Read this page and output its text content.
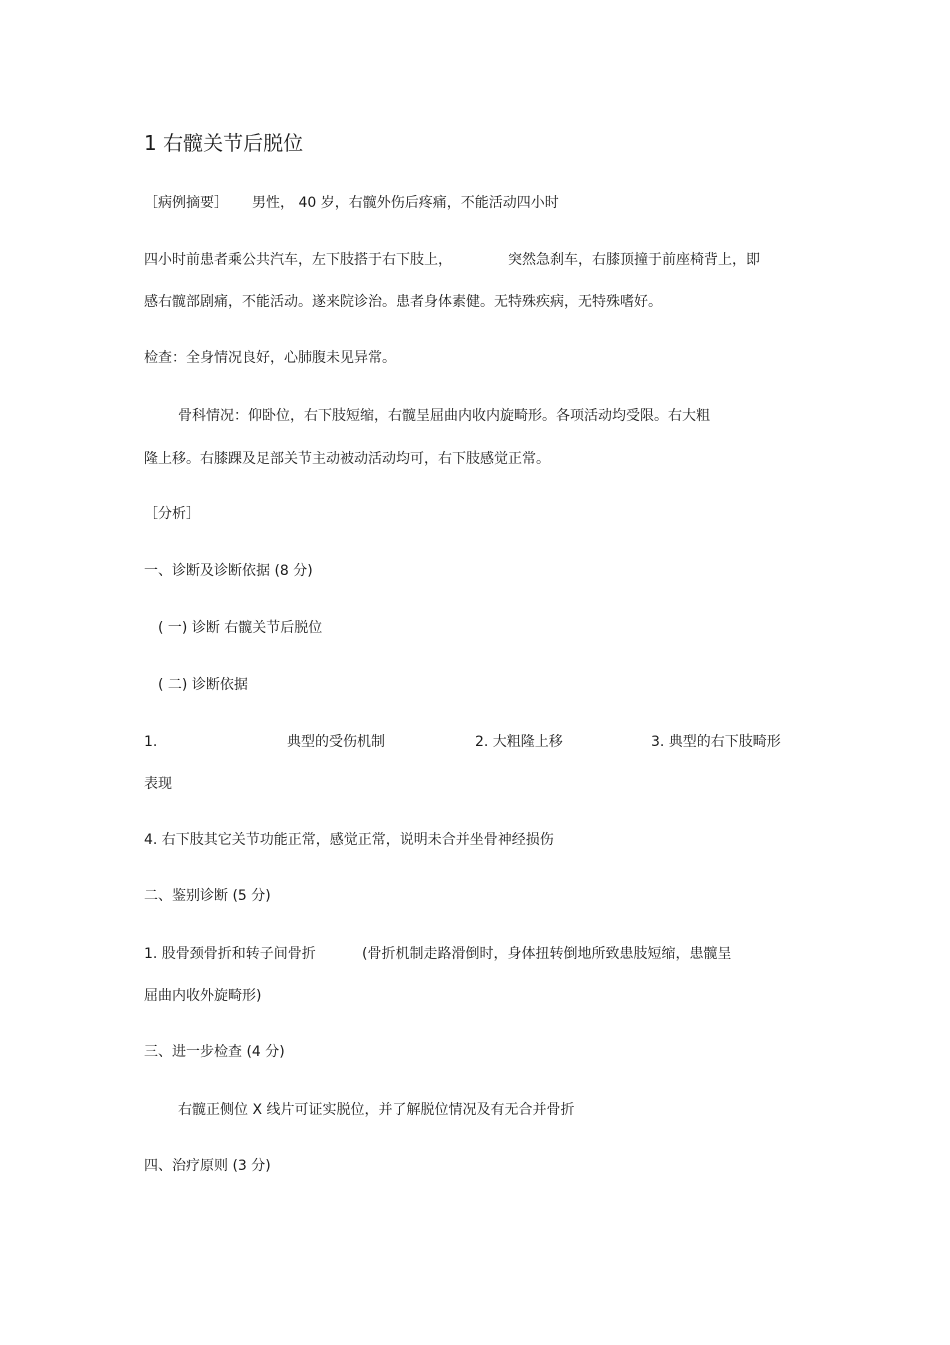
1 右髋关节后脱位
［病例摘要］ 男性， 40 岁，右髋外伤后疼痛，不能活动四小时
四小时前患者乘公共汽车，左下肢搭于右下肢上，	突然急刹车，右膝顶撞于前座椅背上，即
感右髋部剧痛，不能活动。遂来院诊治。患者身体素健。无特殊疾病，无特殊嗜好。
检查：全身情况良好，心肺腹未见异常。
骨科情况：仰卧位，右下肢短缩，右髋呈屈曲内收内旋畸形。各项活动均受限。右大粗
隆上移。右膝踝及足部关节主动被动活动均可，右下肢感觉正常。
［分析］
一、诊断及诊断依据 (8 分)
( 一) 诊断 右髋关节后脱位
( 二) 诊断依据
1.	典型的受伤机制	2. 大粗隆上移	3. 典型的右下肢畸形
表现
4. 右下肢其它关节功能正常，感觉正常，说明未合并坐骨神经损伤
二、鉴别诊断 (5 分)
1. 股骨颈骨折和转子间骨折	(骨折机制走路滑倒时，身体扭转倒地所致患肢短缩，患髋呈
屈曲内收外旋畸形)
三、进一步检查 (4 分)
右髋正侧位 X 线片可证实脱位，并了解脱位情况及有无合并骨折
四、治疗原则 (3 分)
